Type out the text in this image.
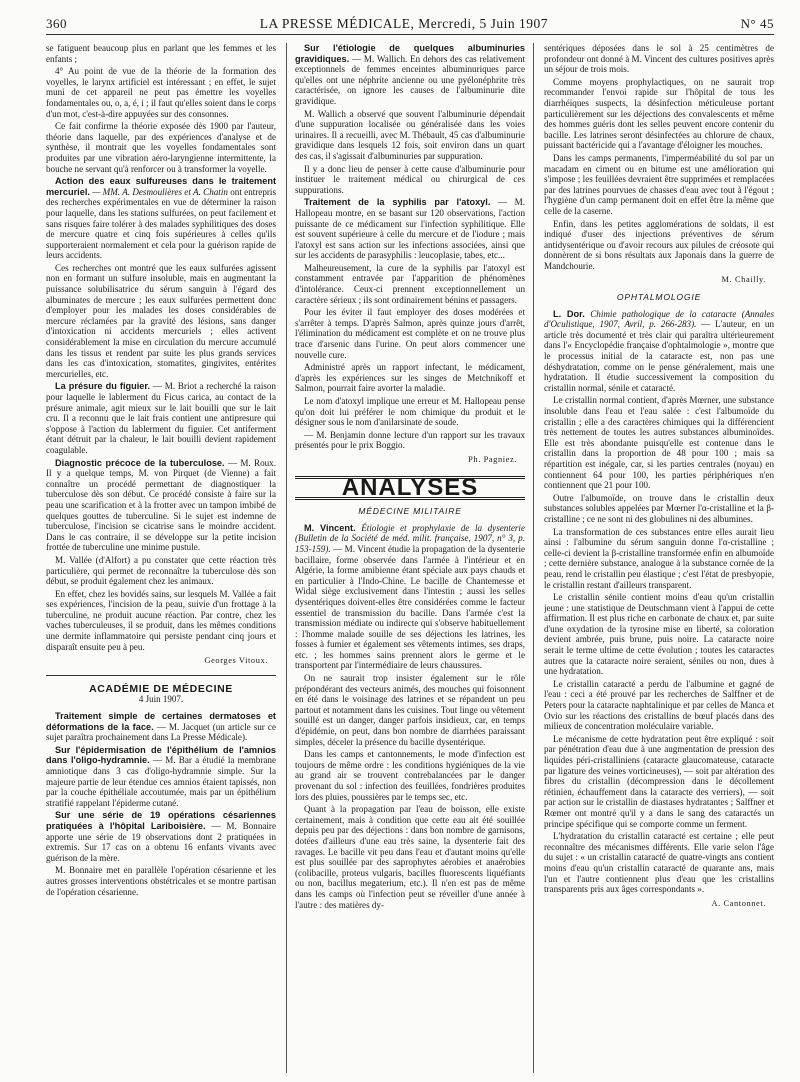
360	LA PRESSE MÉDICALE, Mercredi, 5 Juin 1907	N° 45

se fatiguent beaucoup plus en parlant que les femmes et les enfants ;

4° Au point de vue de la théorie de la formation des voyelles, le larynx artificiel est intéressant ; en effet, le sujet muni de cet appareil ne peut pas émettre les voyelles fondamentales ou, o, a, é, i ; il faut qu'elles soient dans le corps d'un mot, c'est-à-dire appuyées sur des consonnes.

Ce fait confirme la théorie exposée dès 1900 par l'auteur, théorie dans laquelle, par des expériences d'analyse et de synthèse, il montrait que les voyelles fondamentales sont produites par une vibration aéro-laryngienne intermittente, la bouche ne servant qu'à renforcer ou à transformer la voyelle.

Action des eaux sulfureuses dans le traitement mercuriel. — MM. A. Desmoulières et A. Chatin ont entrepris des recherches expérimentales en vue de déterminer la raison pour laquelle, dans les stations sulfurées, on peut facilement et sans risques faire tolérer à des malades syphilitiques des doses de mercure quatre et cinq fois supérieures à celles qu'ils supporteraient normalement et cela pour la guérison rapide de leurs accidents.

Ces recherches ont montré que les eaux sulfurées agissent non en formant un sulfure insoluble, mais en augmentant la puissance solubilisatrice du sérum sanguin à l'égard des albuminates de mercure ; les eaux sulfurées permettent donc d'employer pour les malades les doses considérables de mercure réclamées par la gravité des lésions, sans danger d'intoxication ni accidents mercuriels ; elles activent considérablement la mise en circulation du mercure accumulé dans les tissus et rendent par suite les plus grands services dans les cas d'intoxication, stomatites, gingivites, entérites mercurielles, etc.

La présure du figuier. — M. Briot a recherché la raison pour laquelle le lablerment du Ficus carica, au contact de la présure animale, agit mieux sur le lait bouilli que sur le lait cru. Il a reconnu que le lait frais contient une antipresure qui s'oppose à l'action du lablerment du figuier. Cet antiferment étant détruit par la chaleur, le lait bouilli devient rapidement coagulable.

Diagnostic précoce de la tuberculose. — M. Roux. Il y a quelque temps, M. von Pirquet (de Vienne) a fait connaître un procédé permettant de diagnostiquer la tuberculose dès son début. Ce procédé consiste à faire sur la peau une scarification et à la frotter avec un tampon imbibé de quelques gouttes de tuberculine. Si le sujet est indemne de tuberculose, l'incision se cicatrise sans le moindre accident. Dans le cas contraire, il se développe sur la petite incision frottée de tuberculine une minime pustule.

M. Vallée (d'Alfort) a pu constater que cette réaction très particulière, qui permet de reconnaître la tuberculose dès son début, se produit également chez les animaux.

En effet, chez les bovidés sains, sur lesquels M. Vallée a fait ses expériences, l'incision de la peau, suivie d'un frottage à la tuberculine, ne produit aucune réaction. Par contre, chez les vaches tuberculeuses, il se produit, dans les mêmes conditions une dermite inflammatoire qui persiste pendant cinq jours et disparaît ensuite peu à peu.

Georges Vitoux.
ACADÉMIE DE MÉDECINE
4 Juin 1907.

Traitement simple de certaines dermatoses et déformations de la face. — M. Jacquet (un article sur ce sujet paraîtra prochainement dans La Presse Médicale).

Sur l'épidermisation de l'épithélium de l'amnios dans l'oligo-hydramnie. — M. Bar a étudié la membrane amniotique dans 3 cas d'oligo-hydramnie simple. Sur la majeure partie de leur étendue ces amnios étaient tapissés, non par la couche épithéliale accoutumée, mais par un épithélium stratifié rappelant l'épiderme cutané.

Sur une série de 19 opérations césariennes pratiquées à l'hôpital Lariboisière. — M. Bonnaire apporte une série de 19 observations dont 2 pratiquées in extremis. Sur 17 cas on a obtenu 16 enfants vivants avec guérison de la mère.

M. Bonnaire met en parallèle l'opération césarienne et les autres grosses interventions obstétricales et se montre partisan de l'opération césarienne.

Sur l'étiologie de quelques albuminuries gravidiques. — M. Wallich. En dehors des cas relativement exceptionnels de femmes enceintes albuminuriques parce qu'elles ont une néphrite ancienne ou une pyélonéphrite très caractérisée, on ignore les causes de l'albuminurie dite gravidique.

M. Wallich a observé que souvent l'albuminurie dépendait d'une suppuration localisée ou généralisée dans les voies urinaires. Il a recueilli, avec M. Thébault, 45 cas d'albuminurie gravidique dans lesquels 12 fois, soit environ dans un quart des cas, il s'agissait d'albuminuries par suppuration.

Il y a donc lieu de penser à cette cause d'albuminurie pour instituer le traitement médical ou chirurgical de ces suppurations.

Traitement de la syphilis par l'atoxyl. — M. Hallopeau montre, en se basant sur 120 observations, l'action puissante de ce médicament sur l'infection syphilitique. Elle est souvent supérieure à celle du mercure et de l'iodure ; mais l'atoxyl est sans action sur les infections associées, ainsi que sur les accidents de parasyphilis : leucoplasie, tabes, etc...

Malheureusement, la cure de la syphilis par l'atoxyl est constamment entravée par l'apparition de phénomènes d'intolérance. Ceux-ci prennent exceptionnellement un caractère sérieux ; ils sont ordinairement bénins et passagers.

Pour les éviter il faut employer des doses modérées et s'arrêter à temps. D'après Salmon, après quinze jours d'arrêt, l'élimination du médicament est complète et on ne trouve plus trace d'arsenic dans l'urine. On peut alors commencer une nouvelle cure.

Administré après un rapport infectant, le médicament, d'après les expériences sur les singes de Metchnikoff et Salmon, pourrait faire avorter la maladie.

Le nom d'atoxyl implique une erreur et M. Hallopeau pense qu'on doit lui préférer le nom chimique du produit et le désigner sous le nom d'anilarsinate de soude.

— M. Benjamin donne lecture d'un rapport sur les travaux présentés pour le prix Boggio.

Ph. Pagniez.
ANALYSES
MÉDECINE MILITAIRE

M. Vincent. Étiologie et prophylaxie de la dysenterie (Bulletin de la Société de méd. milit. française, 1907, n° 3, p. 153-159). — M. Vincent étudie la propagation de la dysenterie bacillaire, forme observée dans l'armée à l'intérieur et en Algérie, la forme amibienne étant spéciale aux pays chauds et en particulier à l'Indo-Chine. Le bacille de Chantemesse et Widal siège exclusivement dans l'intestin ; aussi les selles dysentériques doivent-elles être considérées comme le facteur essentiel de transmission du bacille. Dans l'armée c'est la transmission médiate ou indirecte qui s'observe habituellement : l'homme malade souille de ses déjections les latrines, les fosses à fumier et également ses vêtements intimes, ses draps, etc. ; les hommes sains prennent alors le germe et le transportent par l'intermédiaire de leurs chaussures.

On ne saurait trop insister également sur le rôle prépondérant des vecteurs animés, des mouches qui foisonnent en été dans le voisinage des latrines et se répandent un peu partout et notamment dans les cuisines. Tout linge ou vêtement souillé est un danger, danger parfois insidieux, car, en temps d'épidémie, on peut, dans bon nombre de diarrhées paraissant simples, déceler la présence du bacille dysentérique.

Dans les camps et cantonnements, le mode d'infection est toujours de même ordre : les conditions hygiéniques de la vie au grand air se trouvent contrebalancées par le danger provenant du sol : infection des feuillées, fondrières produites lors des pluies, poussières par le temps sec, etc.

Quant à la propagation par l'eau de boisson, elle existe certainement, mais à condition que cette eau ait été souillée depuis peu par des déjections : dans bon nombre de garnisons, dotées d'ailleurs d'une eau très saine, la dysenterie fait des ravages. Le bacille vit peu dans l'eau et d'autant moins qu'elle est plus souillée par des saprophytes aérobies et anaérobies (colibacille, proteus vulgaris, bacilles fluorescents liquéfiants ou non, bacillus megaterium, etc.). Il n'en est pas de même dans les camps où l'infection peut se réveiller d'une année à l'autre : des matières dy-

sentériques déposées dans le sol à 25 centimètres de profondeur ont donné à M. Vincent des cultures positives après un séjour de trois mois.

Comme moyens prophylactiques, on ne saurait trop recommander l'envoi rapide sur l'hôpital de tous les diarrhéiques suspects, la désinfection méticuleuse portant particulièrement sur les déjections des convalescents et même des hommes guéris dont les selles peuvent encore contenir du bacille. Les latrines seront désinfectées au chlorure de chaux, puissant bactéricide qui a l'avantage d'éloigner les mouches.

Dans les camps permanents, l'imperméabilité du sol par un macadam en ciment ou en bitume est une amélioration qui s'impose ; les feuillées devraient être supprimées et remplacées par des latrines pourvues de chasses d'eau avec tout à l'égout ; l'hygiène d'un camp permanent doit en effet être la même que celle de la caserne.

Enfin, dans les petites agglomérations de soldats, il est indiqué d'user des injections préventives de sérum antidysentérique ou d'avoir recours aux pilules de créosote qui donnèrent de si bons résultats aux Japonais dans la guerre de Mandchourie.

M. Chailly.
OPHTALMOLOGIE

L. Dor. Chimie pathologique de la cataracte (Annales d'Oculistique, 1907, Avril, p. 266-283). — L'auteur, en un article très documenté et très clair qui paraîtra ultérieurement dans l'« Encyclopédie française d'ophtalmologie », montre que le processus initial de la cataracte est, non pas une déshydratation, comme on le pense généralement, mais une hydratation. Il étudie successivement la composition du cristallin normal, sénile et cataracté.

Le cristallin normal contient, d'après Mœrner, une substance insoluble dans l'eau et l'eau salée : c'est l'albumoïde du cristallin ; elle a des caractères chimiques qui la différencient très nettement de toutes les autres substances albuminoïdes. Elle est très abondante puisqu'elle est contenue dans le cristallin dans la proportion de 48 pour 100 ; mais sa répartition est inégale, car, si les parties centrales (noyau) en contiennent 64 pour 100, les parties périphériques n'en contiennent que 21 pour 100.

Outre l'albumoïde, on trouve dans le cristallin deux substances solubles appelées par Mœrner l'α-cristalline et la β-cristalline ; ce ne sont ni des globulines ni des albumines.

La transformation de ces substances entre elles aurait lieu ainsi : l'albumine du sérum sanguin donne l'α-cristalline ; celle-ci devient la β-cristalline transformée enfin en albumoïde ; cette dernière substance, analogue à la substance cornée de la peau, rend le cristallin peu élastique ; c'est l'état de presbyopie, le cristallin restant d'ailleurs transparent.

Le cristallin sénile contient moins d'eau qu'un cristallin jeune : une statistique de Deutschmann vient à l'appui de cette affirmation. Il est plus riche en carbonate de chaux et, par suite d'une oxydation de la tyrosine mise en liberté, sa coloration devient ambrée, puis brune, puis noire. La cataracte noire serait le terme ultime de cette évolution ; toutes les cataractes autres que la cataracte noire seraient, séniles ou non, dues à une hydratation.

Le cristallin cataracté a perdu de l'albumine et gagné de l'eau : ceci a été prouvé par les recherches de Salffner et de Peters pour la cataracte naphtalinique et par celles de Manca et Ovio sur les réactions des cristallins de bœuf placés dans des milieux de concentration moléculaire variable.

Le mécanisme de cette hydratation peut être expliqué : soit par pénétration d'eau due à une augmentation de pression des liquides péri-cristalliniens (cataracte glaucomateuse, cataracte par ligature des veines vorticineuses), — soit par altération des fibres du cristallin (décompression dans le décollement rétinien, échauffement dans la cataracte des verriers), — soit par action sur le cristallin de diastases hydratantes ; Salffner et Rœmer ont montré qu'il y a dans le sang des cataractés un principe spécifique qui se comporte comme un ferment.

L'hydratation du cristallin cataracté est certaine ; elle peut reconnaître des mécanismes différents. Elle varie selon l'âge du sujet : « un cristallin cataracté de quatre-vingts ans contient moins d'eau qu'un cristallin cataracté de quarante ans, mais l'un et l'autre contiennent plus d'eau que les cristallins transparents pris aux âges correspondants ».

A. Cantonnet.
